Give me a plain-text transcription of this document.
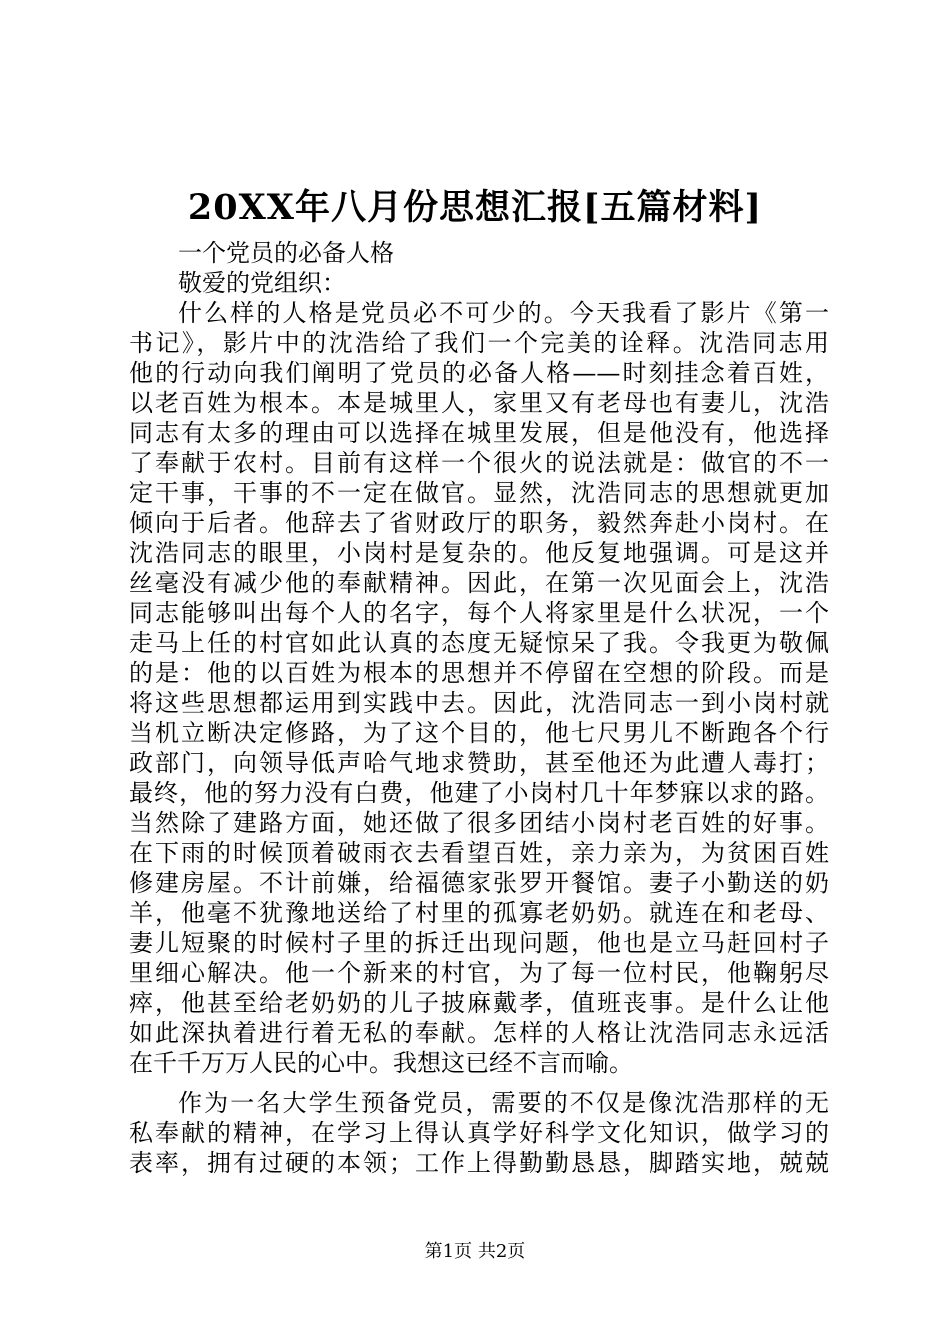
20XX年八月份思想汇报[五篇材料]
一个党员的必备人格
敬爱的党组织：
什么样的人格是党员必不可少的。今天我看了影片《第一
书记》，影片中的沈浩给了我们一个完美的诠释。沈浩同志用
他的行动向我们阐明了党员的必备人格——时刻挂念着百姓，
以老百姓为根本。本是城里人，家里又有老母也有妻儿，沈浩
同志有太多的理由可以选择在城里发展，但是他没有，他选择
了奉献于农村。目前有这样一个很火的说法就是：做官的不一
定干事，干事的不一定在做官。显然，沈浩同志的思想就更加
倾向于后者。他辞去了省财政厅的职务，毅然奔赴小岗村。在
沈浩同志的眼里，小岗村是复杂的。他反复地强调。可是这并
丝毫没有减少他的奉献精神。因此，在第一次见面会上，沈浩
同志能够叫出每个人的名字，每个人将家里是什么状况，一个
走马上任的村官如此认真的态度无疑惊呆了我。令我更为敬佩
的是：他的以百姓为根本的思想并不停留在空想的阶段。而是
将这些思想都运用到实践中去。因此，沈浩同志一到小岗村就
当机立断决定修路，为了这个目的，他七尺男儿不断跑各个行
政部门，向领导低声哈气地求赞助，甚至他还为此遭人毒打；
最终，他的努力没有白费，他建了小岗村几十年梦寐以求的路。
当然除了建路方面，她还做了很多团结小岗村老百姓的好事。
在下雨的时候顶着破雨衣去看望百姓，亲力亲为，为贫困百姓
修建房屋。不计前嫌，给福德家张罗开餐馆。妻子小勤送的奶
羊，他毫不犹豫地送给了村里的孤寡老奶奶。就连在和老母、
妻儿短聚的时候村子里的拆迁出现问题，他也是立马赶回村子
里细心解决。他一个新来的村官，为了每一位村民，他鞠躬尽
瘁，他甚至给老奶奶的儿子披麻戴孝，值班丧事。是什么让他
如此深执着进行着无私的奉献。怎样的人格让沈浩同志永远活
在千千万万人民的心中。我想这已经不言而喻。
作为一名大学生预备党员，需要的不仅是像沈浩那样的无
私奉献的精神，在学习上得认真学好科学文化知识，做学习的
表率，拥有过硬的本领；工作上得勤勤恳恳，脚踏实地，兢兢
第1页 共2页
